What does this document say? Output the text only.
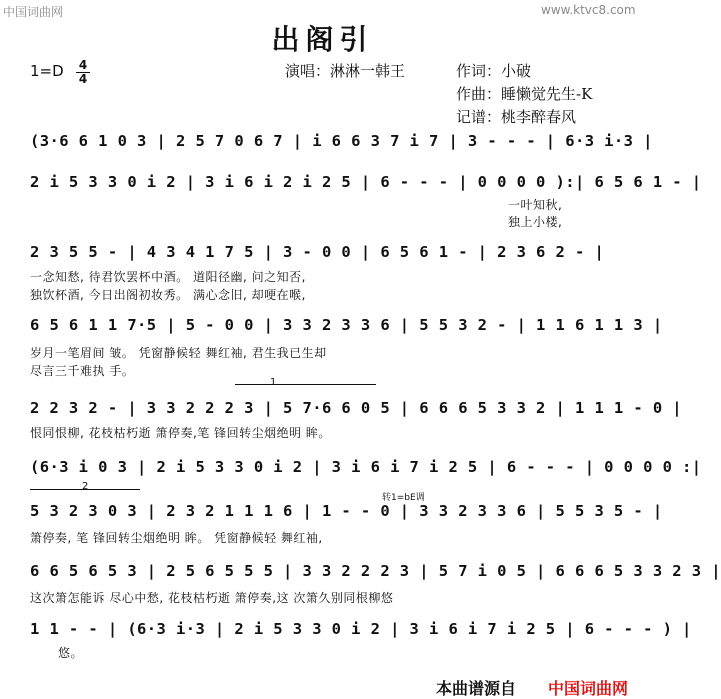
中国词曲网	www.ktvc8.com
出阁引
1=D 4
4	演唱：淋淋一韩王	作词：小破
作曲：睡懒觉先生-K
记谱：桃李醉春风
(3·6 6 1 0 3 | 2 5 7 0 6 7 | i 6 6 3 7 i 7 | 3 - - - | 6·3 i·3 |
2 i 5 3 3 0 i 2 | 3 i 6 i 2 i 2 5 | 6 - - - | 0 0 0 0 ):| 6 5 6 1 - |
一叶知秋,
独上小楼,
2 3 5 5 - | 4 3 4 1 7 5 | 3 - 0 0 | 6 5 6 1 - | 2 3 6 2 - |
一念知愁, 待君饮罢杯中酒。 道阳径幽, 问之知否,
独饮杯酒, 今日出阁初妆秀。 满心念旧, 却哽在喉,
6 5 6 1 1 7·5 | 5 - 0 0 | 3 3 2 3 3 6 | 5 5 3 2 - | 1 1 6 1 1 3 |
岁月一笔眉间 皱。 凭窗静候轻 舞红袖, 君生我已生却
尽言三千难执 手。
1
2 2 3 2 - | 3 3 2 2 2 3 | 5 7·6 6 0 5 | 6 6 6 5 3 3 2 | 1 1 1 - 0 |
恨同恨柳, 花枝枯朽逝 箫停奏,笔 锋回转尘烟绝明 眸。
(6·3 i 0 3 | 2 i 5 3 3 0 i 2 | 3 i 6 i 7 i 2 5 | 6 - - - | 0 0 0 0 :|
2
转1=bE调
5 3 2 3 0 3 | 2 3 2 1 1 1 6 | 1 - - 0 | 3 3 2 3 3 6 | 5 5 3 5 - |
箫停奏, 笔 锋回转尘烟绝明 眸。 凭窗静候轻 舞红袖,
6 6 5 6 5 3 | 2 5 6 5 5 5 | 3 3 2 2 2 3 | 5 7 i 0 5 | 6 6 6 5 3 3 2 3 |
这次箫怎能诉 尽心中愁, 花枝枯朽逝 箫停奏,这 次箫久别同根柳悠
1 1 - - | (6·3 i·3 | 2 i 5 3 3 0 i 2 | 3 i 6 i 7 i 2 5 | 6 - - - ) |
悠。
本曲谱源自 中国词曲网
